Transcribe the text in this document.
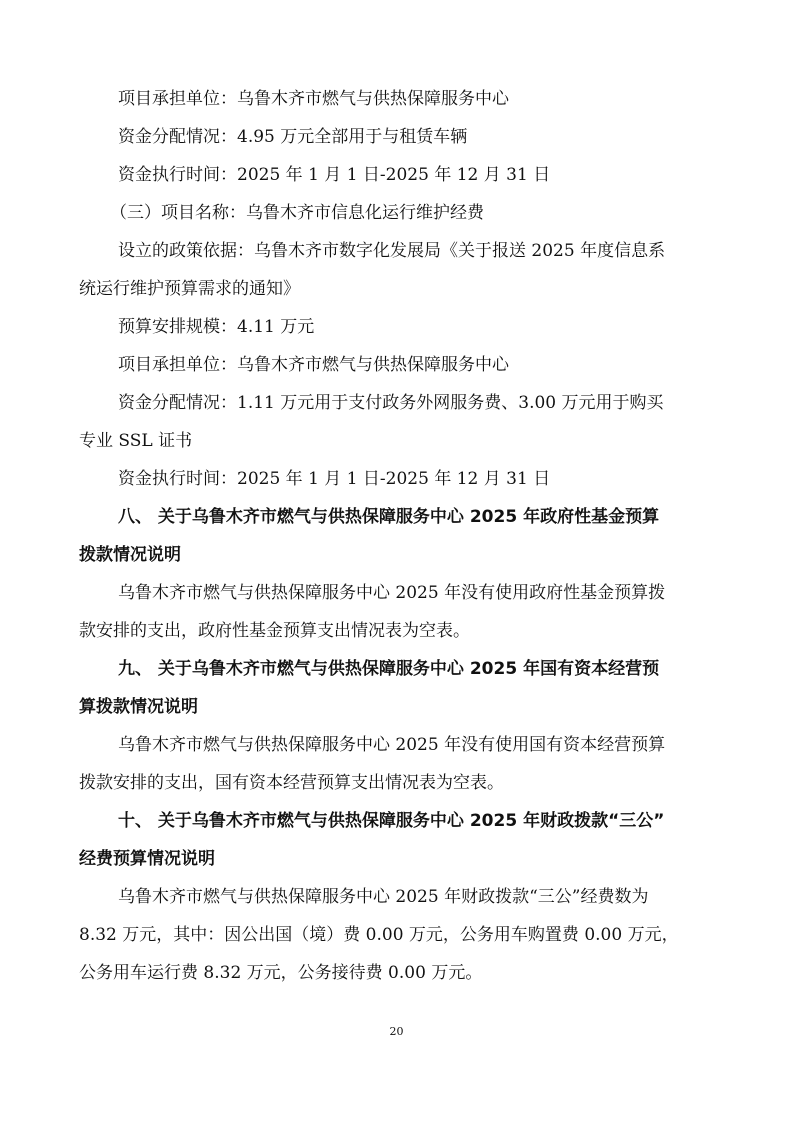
项目承担单位：乌鲁木齐市燃气与供热保障服务中心
资金分配情况：4.95 万元全部用于与租赁车辆
资金执行时间：2025 年 1 月 1 日-2025 年 12 月 31 日
（三）项目名称：乌鲁木齐市信息化运行维护经费
设立的政策依据：乌鲁木齐市数字化发展局《关于报送 2025 年度信息系
统运行维护预算需求的通知》
预算安排规模：4.11 万元
项目承担单位：乌鲁木齐市燃气与供热保障服务中心
资金分配情况：1.11 万元用于支付政务外网服务费、3.00 万元用于购买
专业 SSL 证书
资金执行时间：2025 年 1 月 1 日-2025 年 12 月 31 日
八、 关于乌鲁木齐市燃气与供热保障服务中心 2025 年政府性基金预算
拨款情况说明
乌鲁木齐市燃气与供热保障服务中心 2025 年没有使用政府性基金预算拨
款安排的支出，政府性基金预算支出情况表为空表。
九、 关于乌鲁木齐市燃气与供热保障服务中心 2025 年国有资本经营预
算拨款情况说明
乌鲁木齐市燃气与供热保障服务中心 2025 年没有使用国有资本经营预算
拨款安排的支出，国有资本经营预算支出情况表为空表。
十、 关于乌鲁木齐市燃气与供热保障服务中心 2025 年财政拨款“三公”
经费预算情况说明
乌鲁木齐市燃气与供热保障服务中心 2025 年财政拨款“三公”经费数为
8.32 万元，其中：因公出国（境）费 0.00 万元，公务用车购置费 0.00 万元，
公务用车运行费 8.32 万元，公务接待费 0.00 万元。
20
